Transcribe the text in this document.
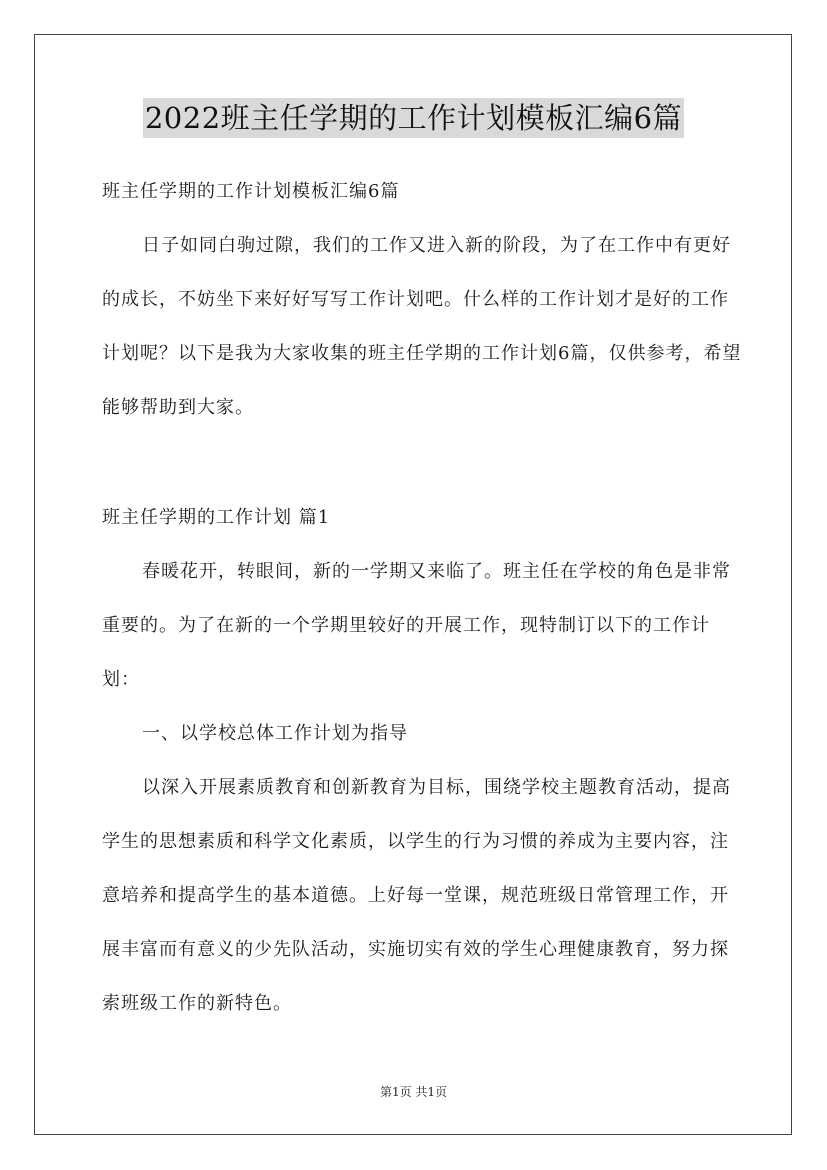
2022班主任学期的工作计划模板汇编6篇

班主任学期的工作计划模板汇编6篇

日子如同白驹过隙，我们的工作又进入新的阶段，为了在工作中有更好的成长，不妨坐下来好好写写工作计划吧。什么样的工作计划才是好的工作计划呢？以下是我为大家收集的班主任学期的工作计划6篇，仅供参考，希望能够帮助到大家。

班主任学期的工作计划 篇1

春暖花开，转眼间，新的一学期又来临了。班主任在学校的角色是非常重要的。为了在新的一个学期里较好的开展工作，现特制订以下的工作计划：

一、以学校总体工作计划为指导

以深入开展素质教育和创新教育为目标，围绕学校主题教育活动，提高学生的思想素质和科学文化素质，以学生的行为习惯的养成为主要内容，注意培养和提高学生的基本道德。上好每一堂课，规范班级日常管理工作，开展丰富而有意义的少先队活动，实施切实有效的学生心理健康教育，努力探索班级工作的新特色。

第1页 共1页
